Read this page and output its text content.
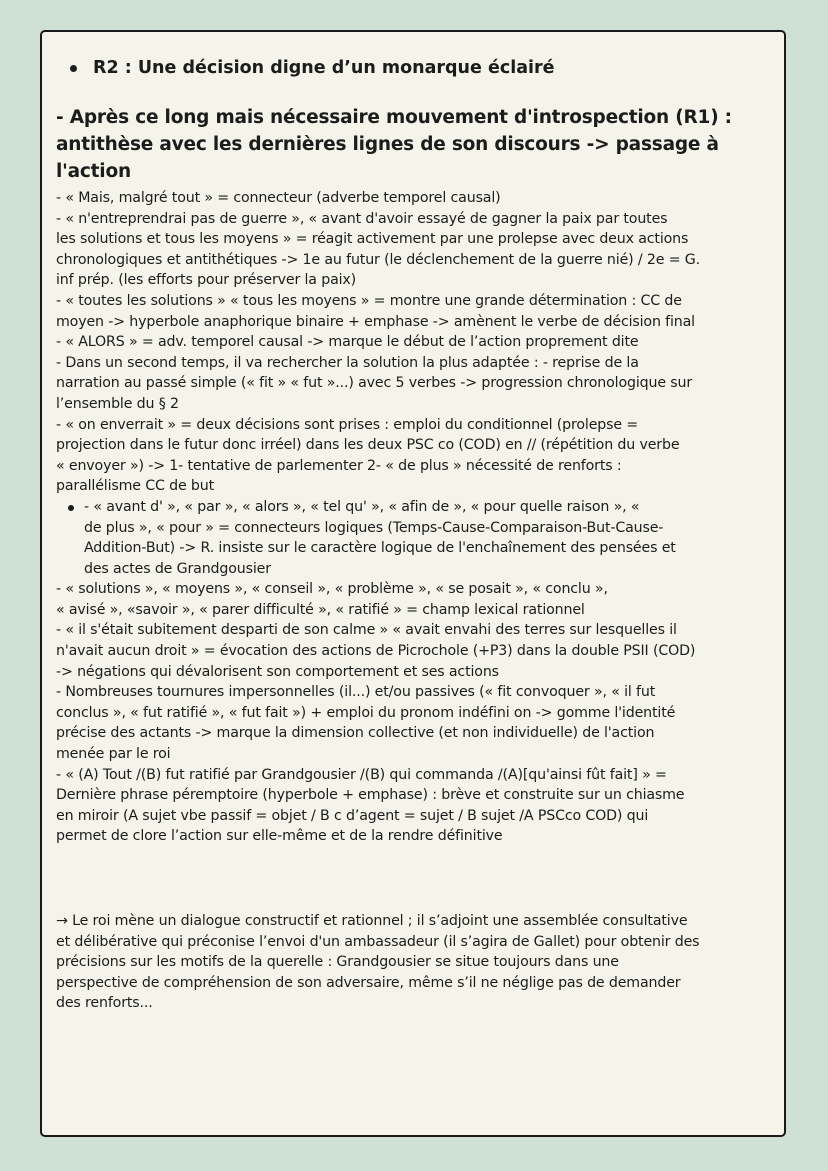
R2 : Une décision digne d’un monarque éclairé
- Après ce long mais nécessaire mouvement d'introspection (R1) :
antithèse avec les dernières lignes de son discours -> passage à l'action
- « Mais, malgré tout » = connecteur (adverbe temporel causal)
- « n'entreprendrai pas de guerre », « avant d'avoir essayé de gagner la paix par toutes
les solutions et tous les moyens » = réagit activement par une prolepse avec deux actions
chronologiques et antithétiques -> 1e au futur (le déclenchement de la guerre nié) / 2e = G.
inf prép. (les efforts pour préserver la paix)
- « toutes les solutions » « tous les moyens » = montre une grande détermination : CC de
moyen -> hyperbole anaphorique binaire + emphase -> amènent le verbe de décision final
- « ALORS » = adv. temporel causal -> marque le début de l’action proprement dite
- Dans un second temps, il va rechercher la solution la plus adaptée : - reprise de la
narration au passé simple (« fit » « fut »...) avec 5 verbes -> progression chronologique sur
l’ensemble du § 2
- « on enverrait » = deux décisions sont prises : emploi du conditionnel (prolepse =
projection dans le futur donc irréel) dans les deux PSC co (COD) en // (répétition du verbe
« envoyer ») -> 1- tentative de parlementer 2- « de plus » nécessité de renforts :
parallélisme CC de but
- « avant d' », « par », « alors », « tel qu' », « afin de », « pour quelle raison », «
de plus », « pour » = connecteurs logiques (Temps-Cause-Comparaison-But-Cause-
Addition-But) -> R. insiste sur le caractère logique de l'enchaînement des pensées et
des actes de Grandgousier
- « solutions », « moyens », « conseil », « problème », « se posait », « conclu »,
« avisé », «savoir », « parer difficulté », « ratifié » = champ lexical rationnel
- « il s'était subitement desparti de son calme » « avait envahi des terres sur lesquelles il
n'avait aucun droit » = évocation des actions de Picrochole (+P3) dans la double PSII (COD)
-> négations qui dévalorisent son comportement et ses actions
- Nombreuses tournures impersonnelles (il...) et/ou passives (« fit convoquer », « il fut
conclus », « fut ratifié », « fut fait ») + emploi du pronom indéfini on -> gomme l'identité
précise des actants -> marque la dimension collective (et non individuelle) de l'action
menée par le roi
- « (A) Tout /(B) fut ratifié par Grandgousier /(B) qui commanda /(A)[qu'ainsi fût fait] » =
Dernière phrase péremptoire (hyperbole + emphase) : brève et construite sur un chiasme
en miroir (A sujet vbe passif = objet / B c d’agent = sujet / B sujet /A PSCco COD) qui
permet de clore l’action sur elle-même et de la rendre définitive
→ Le roi mène un dialogue constructif et rationnel ; il s’adjoint une assemblée consultative
et délibérative qui préconise l’envoi d'un ambassadeur (il s’agira de Gallet) pour obtenir des
précisions sur les motifs de la querelle : Grandgousier se situe toujours dans une
perspective de compréhension de son adversaire, même s’il ne néglige pas de demander
des renforts...
